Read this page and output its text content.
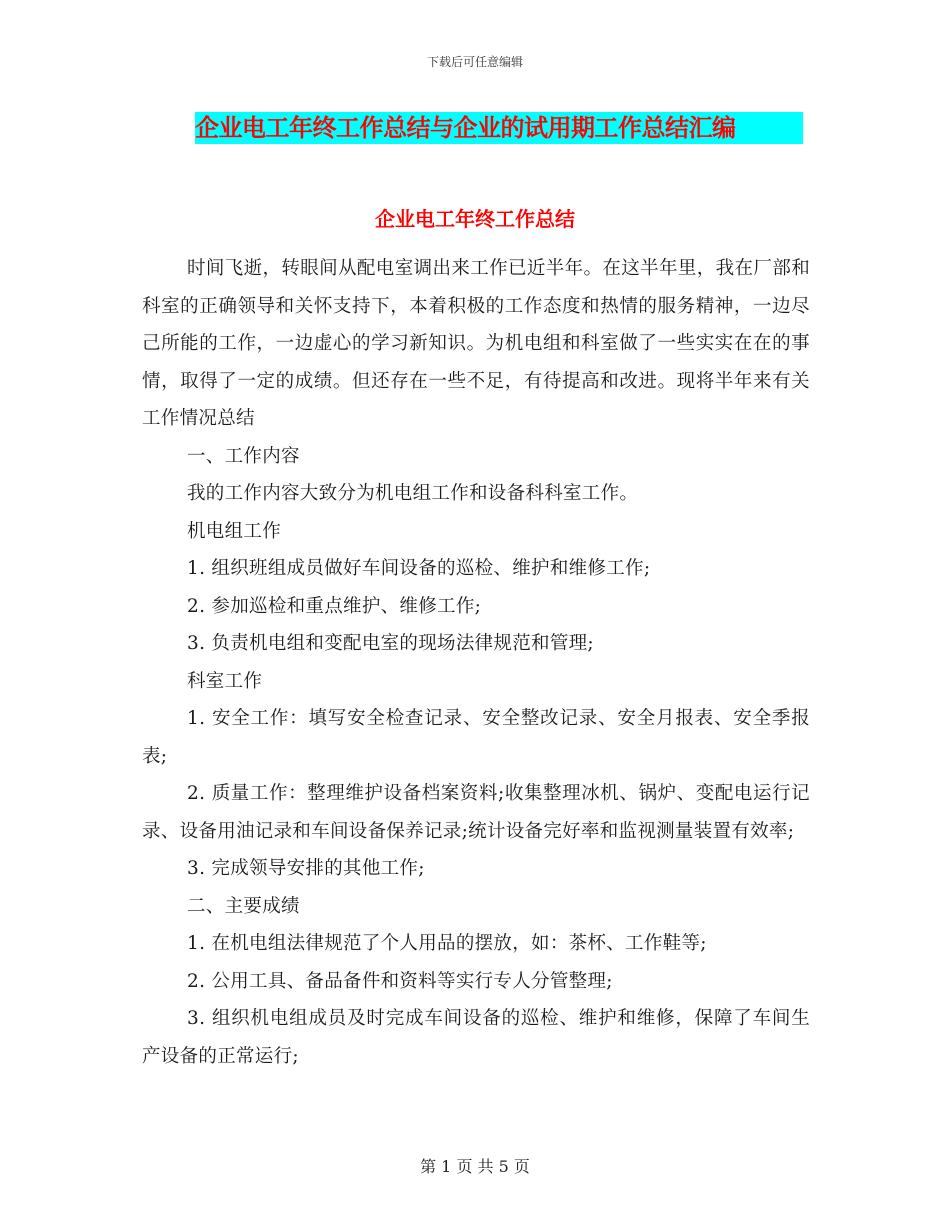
下载后可任意编辑
企业电工年终工作总结与企业的试用期工作总结汇编
企业电工年终工作总结

时间飞逝，转眼间从配电室调出来工作已近半年。在这半年里，我在厂部和科室的正确领导和关怀支持下，本着积极的工作态度和热情的服务精神，一边尽己所能的工作，一边虚心的学习新知识。为机电组和科室做了一些实实在在的事情，取得了一定的成绩。但还存在一些不足，有待提高和改进。现将半年来有关工作情况总结

一、工作内容

我的工作内容大致分为机电组工作和设备科科室工作。

机电组工作

1. 组织班组成员做好车间设备的巡检、维护和维修工作;

2. 参加巡检和重点维护、维修工作;

3. 负责机电组和变配电室的现场法律规范和管理;

科室工作

1. 安全工作：填写安全检查记录、安全整改记录、安全月报表、安全季报表;

2. 质量工作：整理维护设备档案资料;收集整理冰机、锅炉、变配电运行记录、设备用油记录和车间设备保养记录;统计设备完好率和监视测量装置有效率;

3. 完成领导安排的其他工作;

二、主要成绩

1. 在机电组法律规范了个人用品的摆放，如：茶杯、工作鞋等;

2. 公用工具、备品备件和资料等实行专人分管整理;

3. 组织机电组成员及时完成车间设备的巡检、维护和维修，保障了车间生产设备的正常运行;

第 1 页 共 5 页
